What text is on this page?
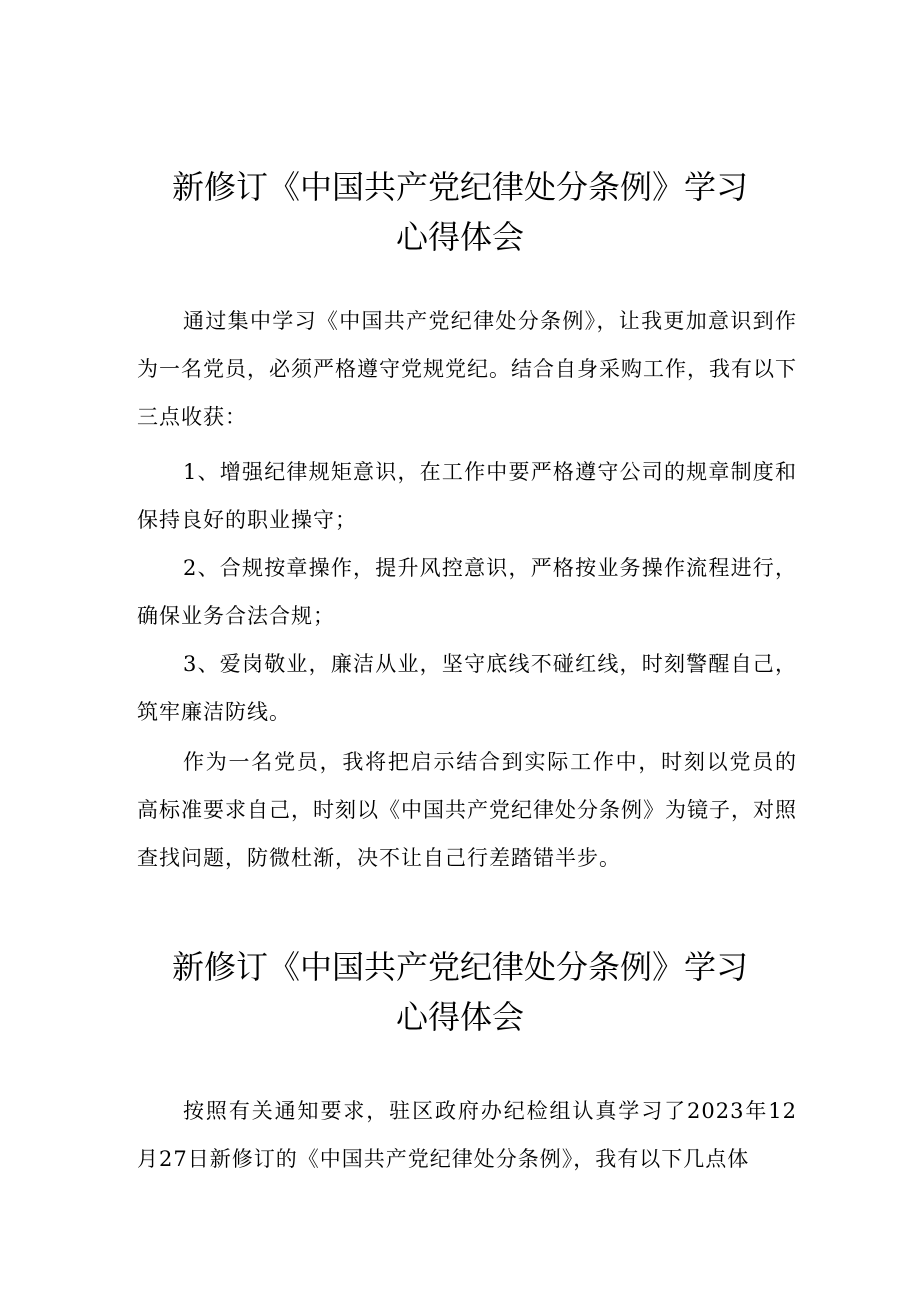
新修订《中国共产党纪律处分条例》学习
心得体会

通过集中学习《中国共产党纪律处分条例》，让我更加意识到作为一名党员，必须严格遵守党规党纪。结合自身采购工作，我有以下三点收获：

1、增强纪律规矩意识，在工作中要严格遵守公司的规章制度和保持良好的职业操守；

2、合规按章操作，提升风控意识，严格按业务操作流程进行，确保业务合法合规；

3、爱岗敬业，廉洁从业，坚守底线不碰红线，时刻警醒自己，筑牢廉洁防线。

作为一名党员，我将把启示结合到实际工作中，时刻以党员的高标准要求自己，时刻以《中国共产党纪律处分条例》为镜子，对照查找问题，防微杜渐，决不让自己行差踏错半步。

新修订《中国共产党纪律处分条例》学习
心得体会

按照有关通知要求，驻区政府办纪检组认真学习了2023年12月27日新修订的《中国共产党纪律处分条例》，我有以下几点体
